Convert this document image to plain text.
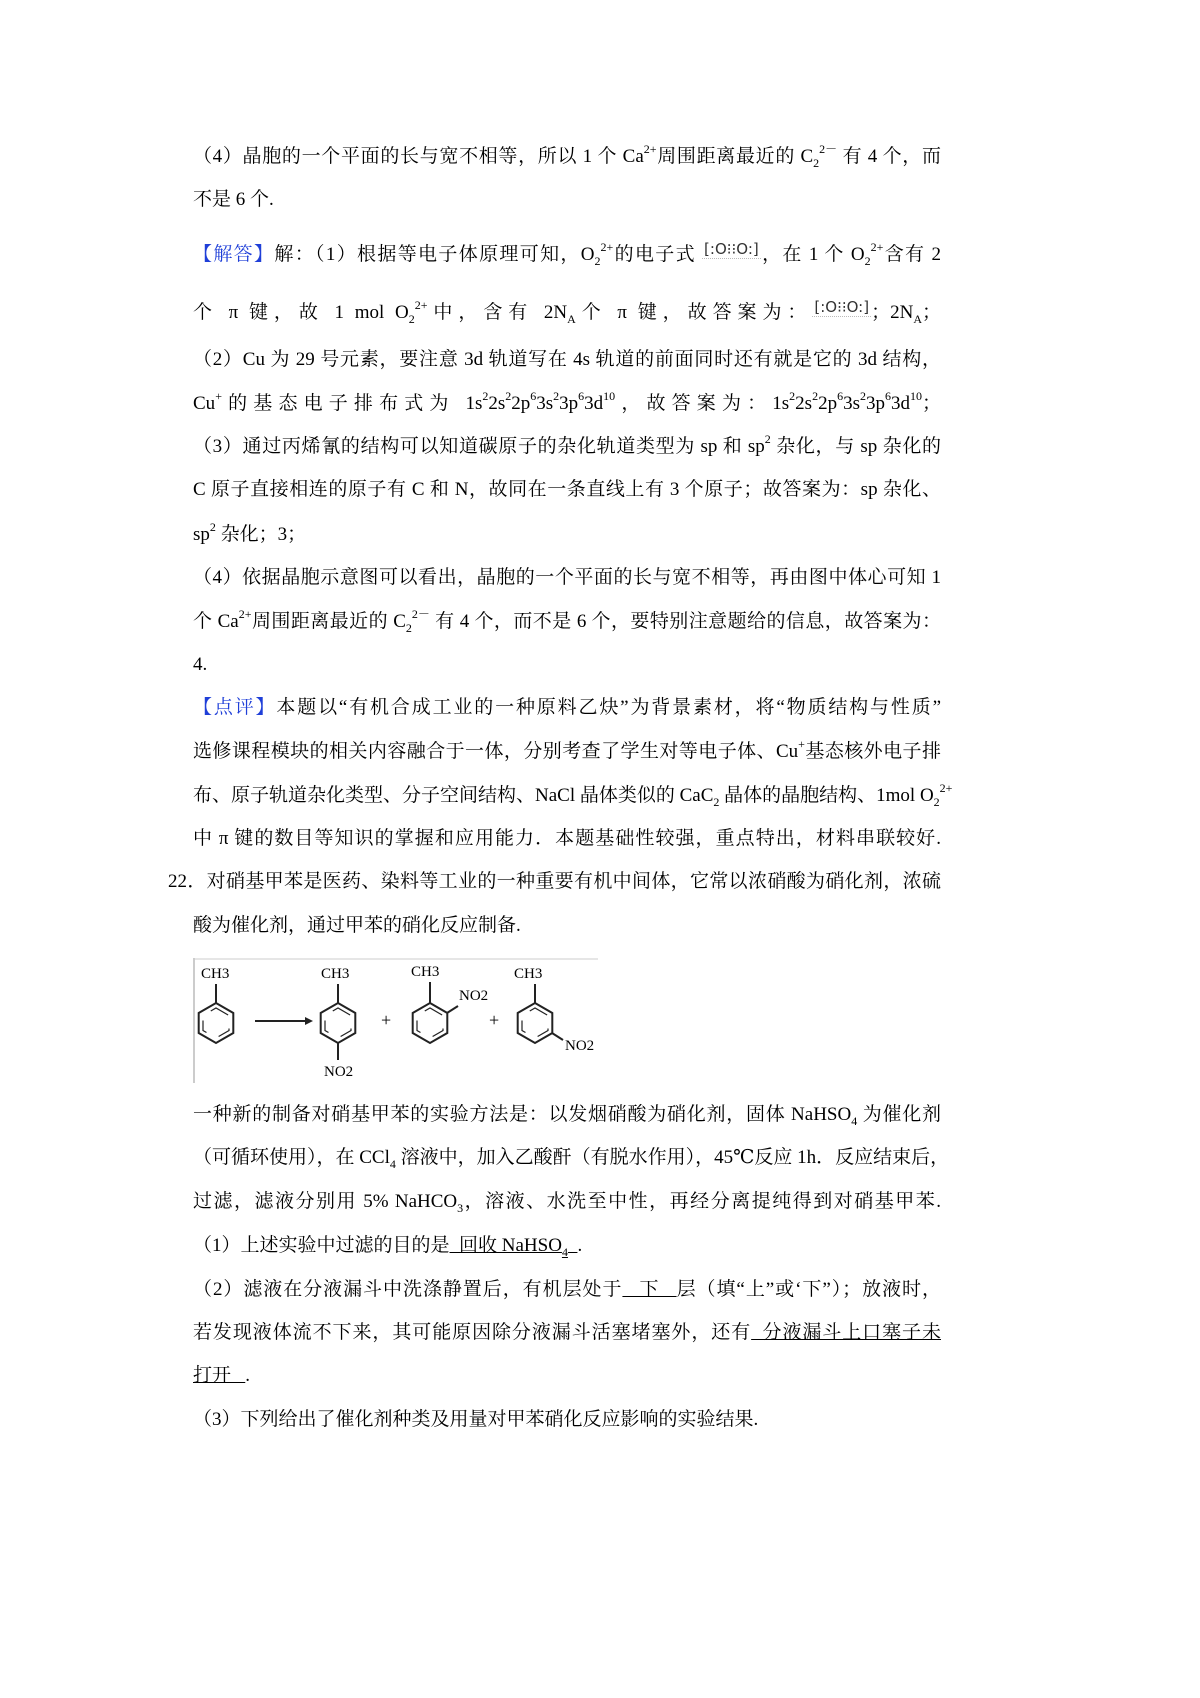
（4）晶胞的一个平面的长与宽不相等，所以 1 个 $Ca^{2+}$周围距离最近的 $C_2^{2-}$ 有 4 个，而
不是 6 个.
【解答】解：（1）根据等电子体原理可知，$O_2^{2+}$的电子式 [:O⁝⁝O:] ，在 1 个 $O_2^{2+}$含有 2
个 π 键，故 1 mol $O_2^{2+}$中，含有 $2N_A$个 π 键，故答案为： [:O⁝⁝O:] ；$2N_A$；
（2）Cu 为 29 号元素，要注意 3d 轨道写在 4s 轨道的前面同时还有就是它的 3d 结构，
Cu+的基态电子排布式为 $1s^22s^22p^63s^23p^63d^{10}$，故答案为：$1s^22s^22p^63s^23p^63d^{10}$；
（3）通过丙烯氰的结构可以知道碳原子的杂化轨道类型为 sp 和 $sp^2$ 杂化，与 sp 杂化的
C 原子直接相连的原子有 C 和 N，故同在一条直线上有 3 个原子；故答案为：sp 杂化、
$sp^2$ 杂化；3；
（4）依据晶胞示意图可以看出，晶胞的一个平面的长与宽不相等，再由图中体心可知 1
个 $Ca^{2+}$周围距离最近的 $C_2^{2-}$ 有 4 个，而不是 6 个，要特别注意题给的信息，故答案为：
4.
【点评】本题以“有机合成工业的一种原料乙炔”为背景素材，将“物质结构与性质”
选修课程模块的相关内容融合于一体，分别考查了学生对等电子体、Cu+基态核外电子排
布、原子轨道杂化类型、分子空间结构、NaCl 晶体类似的 CaC$_2$ 晶体的晶胞结构、1mol $O_2^{2+}$
中 π 键的数目等知识的掌握和应用能力．本题基础性较强，重点特出，材料串联较好.
22．对硝基甲苯是医药、染料等工业的一种重要有机中间体，它常以浓硝酸为硝化剂，浓硫
酸为催化剂，通过甲苯的硝化反应制备.
一种新的制备对硝基甲苯的实验方法是：以发烟硝酸为硝化剂，固体 NaHSO$_4$ 为催化剂
（可循环使用），在 CCl$_4$ 溶液中，加入乙酸酐（有脱水作用），45℃反应 1h．反应结束后，
过滤，滤液分别用 5% NaHCO$_3$，溶液、水洗至中性，再经分离提纯得到对硝基甲苯.
（1）上述实验中过滤的目的是  回收 NaHSO$_4$ .
（2）滤液在分液漏斗中洗涤静置后，有机层处于   下   层（填“上”或‘下”）；放液时，
若发现液体流不下来，其可能原因除分液漏斗活塞堵塞外，还有  分液漏斗上口塞子未
打开   .
（3）下列给出了催化剂种类及用量对甲苯硝化反应影响的实验结果.
+	+
CH3	CH3
NO2
CH3
NO2
CH3
NO2
